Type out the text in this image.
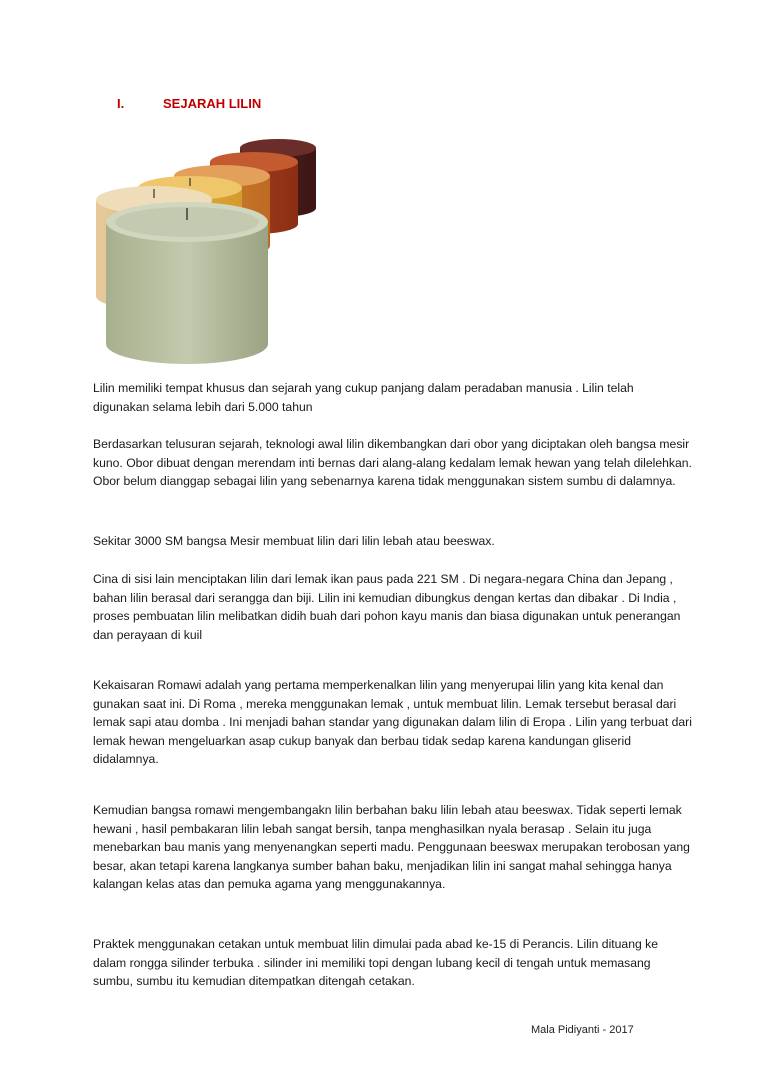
I.	SEJARAH LILIN
Lilin memiliki tempat khusus dan sejarah yang cukup panjang dalam peradaban manusia . Lilin telah digunakan selama lebih dari 5.000 tahun
Berdasarkan telusuran sejarah, teknologi awal lilin dikembangkan dari obor yang diciptakan oleh bangsa mesir kuno. Obor dibuat dengan merendam inti bernas dari alang-alang kedalam lemak hewan yang telah dilelehkan. Obor belum dianggap sebagai lilin yang sebenarnya karena tidak menggunakan sistem sumbu di dalamnya.
Sekitar 3000 SM bangsa Mesir membuat lilin dari lilin lebah atau beeswax.
Cina di sisi lain menciptakan lilin dari lemak ikan paus pada 221 SM . Di negara-negara China dan Jepang , bahan lilin berasal dari serangga dan biji. Lilin ini kemudian dibungkus dengan kertas dan dibakar . Di India , proses pembuatan lilin melibatkan didih buah dari pohon kayu manis dan biasa digunakan untuk penerangan dan perayaan di kuil
Kekaisaran Romawi adalah yang pertama memperkenalkan lilin yang menyerupai lilin yang kita kenal dan gunakan saat ini. Di Roma , mereka menggunakan lemak , untuk membuat lilin. Lemak tersebut berasal dari lemak sapi atau domba . Ini menjadi bahan standar yang digunakan dalam lilin di Eropa . Lilin yang terbuat dari lemak hewan mengeluarkan asap cukup banyak dan berbau tidak sedap karena kandungan gliserid didalamnya.
Kemudian bangsa romawi mengembangakn lilin berbahan baku lilin lebah atau beeswax. Tidak seperti lemak hewani , hasil pembakaran lilin lebah sangat bersih, tanpa menghasilkan nyala berasap . Selain itu juga menebarkan bau manis yang menyenangkan seperti madu. Penggunaan beeswax merupakan terobosan yang besar, akan tetapi karena langkanya sumber bahan baku, menjadikan lilin ini sangat mahal sehingga hanya kalangan kelas atas dan pemuka agama yang menggunakannya.
Praktek menggunakan cetakan untuk membuat lilin dimulai pada abad ke-15 di Perancis. Lilin dituang ke dalam rongga silinder terbuka . silinder ini memiliki topi dengan lubang kecil di tengah untuk memasang sumbu, sumbu itu kemudian ditempatkan ditengah cetakan.
Mala Pidiyanti - 2017
